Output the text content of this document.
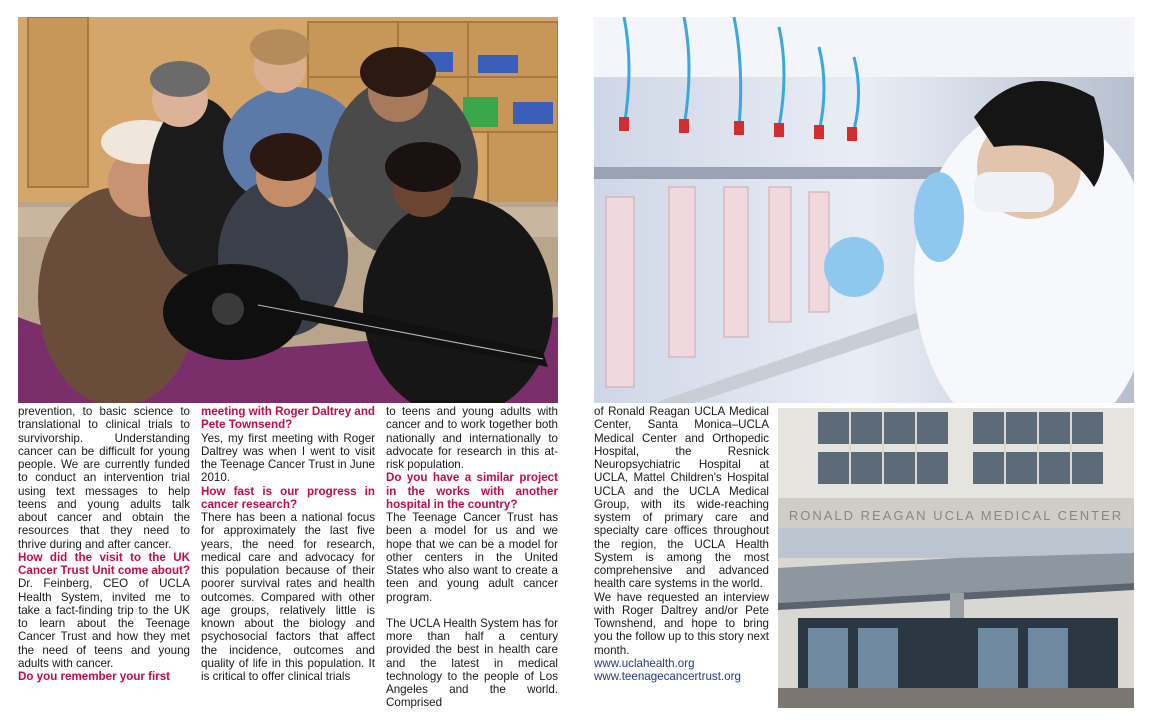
RONALD REAGAN UCLA MEDICAL CENTER

prevention, to basic science to translational to clinical trials to survivorship. Understanding cancer can be difficult for young people. We are currently funded to conduct an intervention trial using text messages to help teens and young adults talk about cancer and obtain the resources that they need to thrive during and after cancer.

How did the visit to the UK Cancer Trust Unit come about?

Dr. Feinberg, CEO of UCLA Health System, invited me to take a fact-finding trip to the UK to learn about the Teenage Cancer Trust and how they met the need of teens and young adults with cancer.

Do you remember your first

meeting with Roger Daltrey and Pete Townsend?

Yes, my first meeting with Roger Daltrey was when I went to visit the Teenage Cancer Trust in June 2010.

How fast is our progress in cancer research?

There has been a national focus for approximately the last five years, the need for research, medical care and advocacy for this population because of their poorer survival rates and health outcomes. Compared with other age groups, relatively little is known about the biology and psychosocial factors that affect the incidence, outcomes and quality of life in this population. It is critical to offer clinical trials

to teens and young adults with cancer and to work together both nationally and internationally to advocate for research in this at-risk population.

Do you have a similar project in the works with another hospital in the country?

The Teenage Cancer Trust has been a model for us and we hope that we can be a model for other centers in the United States who also want to create a teen and young adult cancer program.

The UCLA Health System has for more than half a century provided the best in health care and the latest in medical technology to the people of Los Angeles and the world. Comprised

of Ronald Reagan UCLA Medical Center, Santa Monica–UCLA Medical Center and Orthopedic Hospital, the Resnick Neuropsychiatric Hospital at UCLA, Mattel Children's Hospital UCLA and the UCLA Medical Group, with its wide-reaching system of primary care and specialty care offices throughout the region, the UCLA Health System is among the most comprehensive and advanced health care systems in the world.

We have requested an interview with Roger Daltrey and/or Pete Townshend, and hope to bring you the follow up to this story next month.

www.uclahealth.org

www.teenagecancertrust.org
